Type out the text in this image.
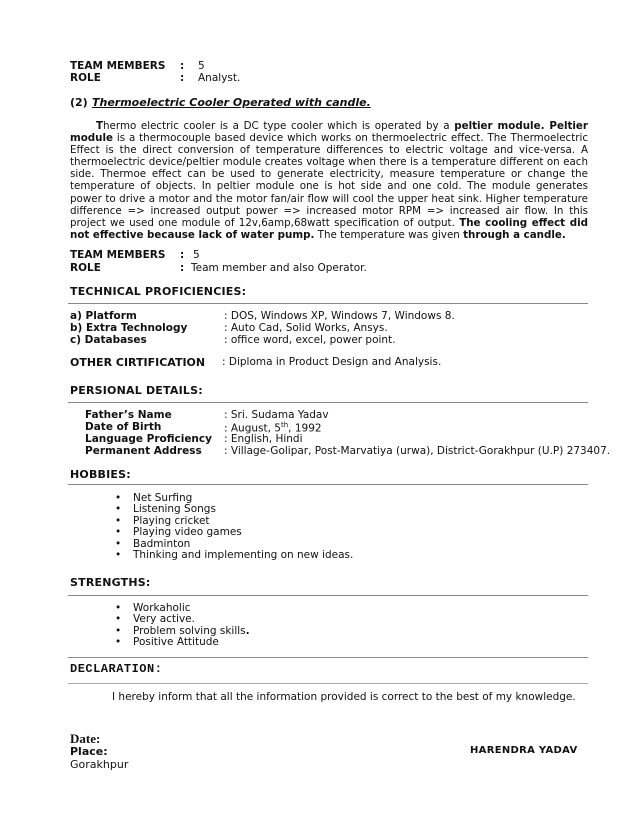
TEAM MEMBERS : 5
ROLE	: Analyst.
(2) Thermoelectric Cooler Operated with candle.
Thermo electric cooler is a DC type cooler which is operated by a peltier module. Peltier module is a thermocouple based device which works on thermoelectric effect. The Thermoelectric Effect is the direct conversion of temperature differences to electric voltage and vice-versa. A thermoelectric device/peltier module creates voltage when there is a temperature different on each side. Thermoe effect can be used to generate electricity, measure temperature or change the temperature of objects. In peltier module one is hot side and one cold. The module generates power to drive a motor and the motor fan/air flow will cool the upper heat sink. Higher temperature difference => increased output power => increased motor RPM => increased air flow. In this project we used one module of 12v,6amp,68watt specification of output. The cooling effect did not effective because lack of water pump. The temperature was given through a candle.
TEAM MEMBERS : 5
ROLE	: Team member and also Operator.
TECHNICAL PROFICIENCIES:
a) Platform	: DOS, Windows XP, Windows 7, Windows 8.
b) Extra Technology	: Auto Cad, Solid Works, Ansys.
c) Databases	: office word, excel, power point.
OTHER CIRTIFICATION : Diploma in Product Design and Analysis.
PERSIONAL DETAILS:
Father’s Name	: Sri. Sudama Yadav
Date of Birth	: August, 5th, 1992
Language Proficiency : English, Hindi
Permanent Address : Village-Golipar, Post-Marvatiya (urwa), District-Gorakhpur (U.P) 273407.
HOBBIES:
• Net Surfing
• Listening Songs
• Playing cricket
• Playing video games
• Badminton
• Thinking and implementing on new ideas.
STRENGTHS:
• Workaholic
• Very active.
• Problem solving skills.
• Positive Attitude
DECLARATION:
I hereby inform that all the information provided is correct to the best of my knowledge.
Date:
Place:
Gorakhpur
HARENDRA YADAV
